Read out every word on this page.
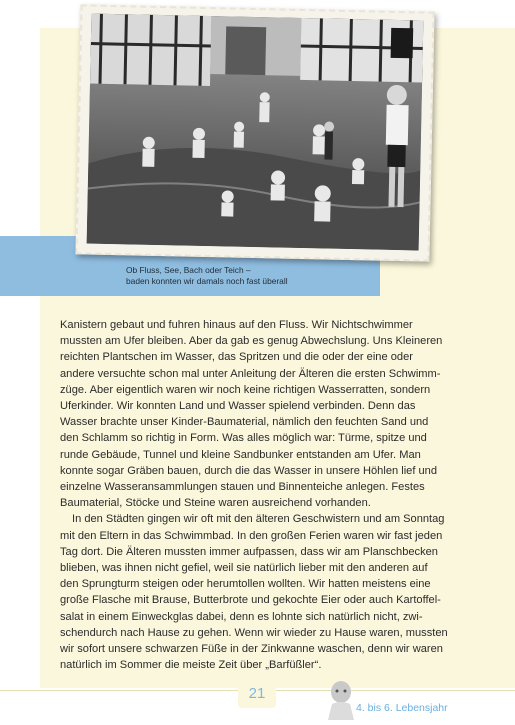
Ob Fluss, See, Bach oder Teich –
baden konnten wir damals noch fast überall
Kanistern gebaut und fuhren hinaus auf den Fluss. Wir Nichtschwimmer
mussten am Ufer bleiben. Aber da gab es genug Abwechslung. Uns Kleineren
reichten Plantschen im Wasser, das Spritzen und die oder der eine oder
andere versuchte schon mal unter Anleitung der Älteren die ersten Schwimm-
züge. Aber eigentlich waren wir noch keine richtigen Wasserratten, sondern
Uferkinder. Wir konnten Land und Wasser spielend verbinden. Denn das
Wasser brachte unser Kinder-Baumaterial, nämlich den feuchten Sand und
den Schlamm so richtig in Form. Was alles möglich war: Türme, spitze und
runde Gebäude, Tunnel und kleine Sandbunker entstanden am Ufer. Man
konnte sogar Gräben bauen, durch die das Wasser in unsere Höhlen lief und
einzelne Wasseransammlungen stauen und Binnenteiche anlegen. Festes
Baumaterial, Stöcke und Steine waren ausreichend vorhanden.
In den Städten gingen wir oft mit den älteren Geschwistern und am Sonntag
mit den Eltern in das Schwimmbad. In den großen Ferien waren wir fast jeden
Tag dort. Die Älteren mussten immer aufpassen, dass wir am Planschbecken
blieben, was ihnen nicht gefiel, weil sie natürlich lieber mit den anderen auf
den Sprungturm steigen oder herumtollen wollten. Wir hatten meistens eine
große Flasche mit Brause, Butterbrote und gekochte Eier oder auch Kartoffel-
salat in einem Einweckglas dabei, denn es lohnte sich natürlich nicht, zwi-
schendurch nach Hause zu gehen. Wenn wir wieder zu Hause waren, mussten
wir sofort unsere schwarzen Füße in der Zinkwanne waschen, denn wir waren
natürlich im Sommer die meiste Zeit über „Barfüßler“.
21
4. bis 6. Lebensjahr
